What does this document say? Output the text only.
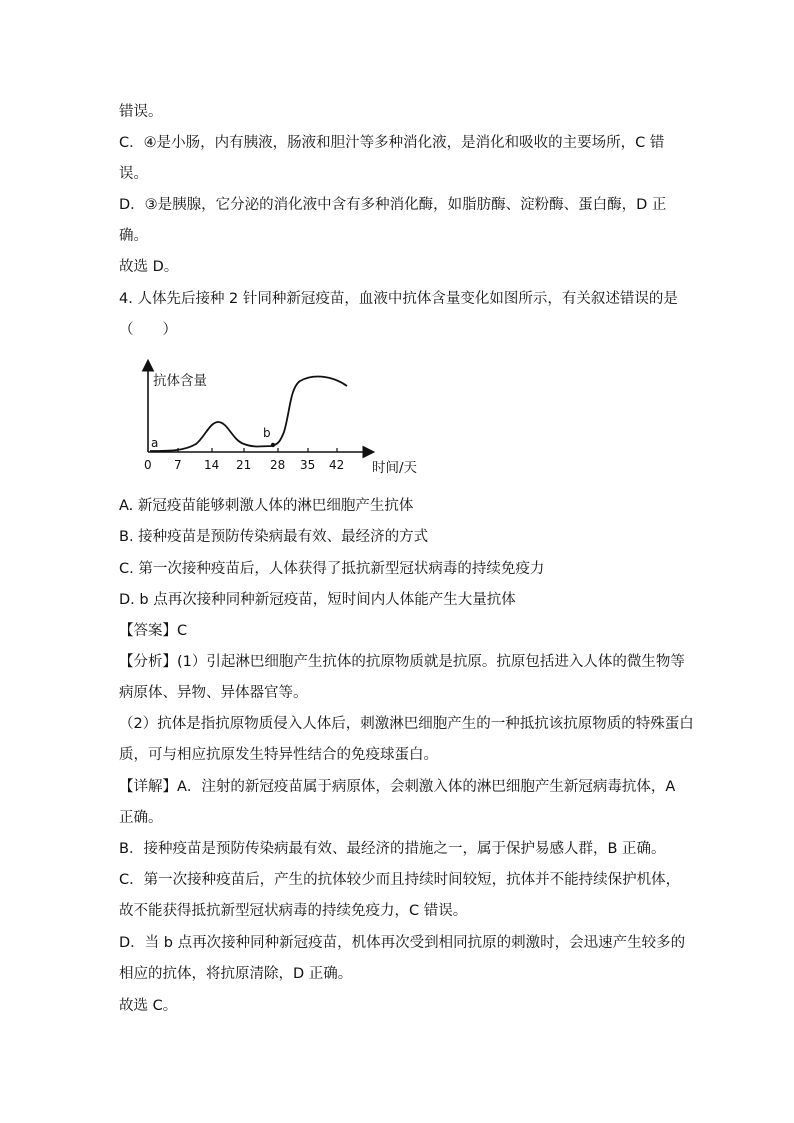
错误。
C．④是小肠，内有胰液，肠液和胆汁等多种消化液，是消化和吸收的主要场所，C 错
误。
D．③是胰腺，它分泌的消化液中含有多种消化酶，如脂肪酶、淀粉酶、蛋白酶，D 正
确。
故选 D。
4. 人体先后接种 2 针同种新冠疫苗，血液中抗体含量变化如图所示，有关叙述错误的是
（　　）
A. 新冠疫苗能够刺激人体的淋巴细胞产生抗体
B. 接种疫苗是预防传染病最有效、最经济的方式
C. 第一次接种疫苗后，人体获得了抵抗新型冠状病毒的持续免疫力
D. b 点再次接种同种新冠疫苗，短时间内人体能产生大量抗体
【答案】C
【分析】(1）引起淋巴细胞产生抗体的抗原物质就是抗原。抗原包括进入人体的微生物等
病原体、异物、异体器官等。
（2）抗体是指抗原物质侵入人体后，刺激淋巴细胞产生的一种抵抗该抗原物质的特殊蛋白
质，可与相应抗原发生特异性结合的免疫球蛋白。
【详解】A．注射的新冠疫苗属于病原体，会刺激入体的淋巴细胞产生新冠病毒抗体，A
正确。
B．接种疫苗是预防传染病最有效、最经济的措施之一，属于保护易感人群，B 正确。
C．第一次接种疫苗后，产生的抗体较少而且持续时间较短，抗体并不能持续保护机体，
故不能获得抵抗新型冠状病毒的持续免疫力，C 错误。
D．当 b 点再次接种同种新冠疫苗，机体再次受到相同抗原的刺激时，会迅速产生较多的
相应的抗体，将抗原清除，D 正确。
故选 C。
抗体含量
a
b
0 7 14 21 28 35 42 时间/天
